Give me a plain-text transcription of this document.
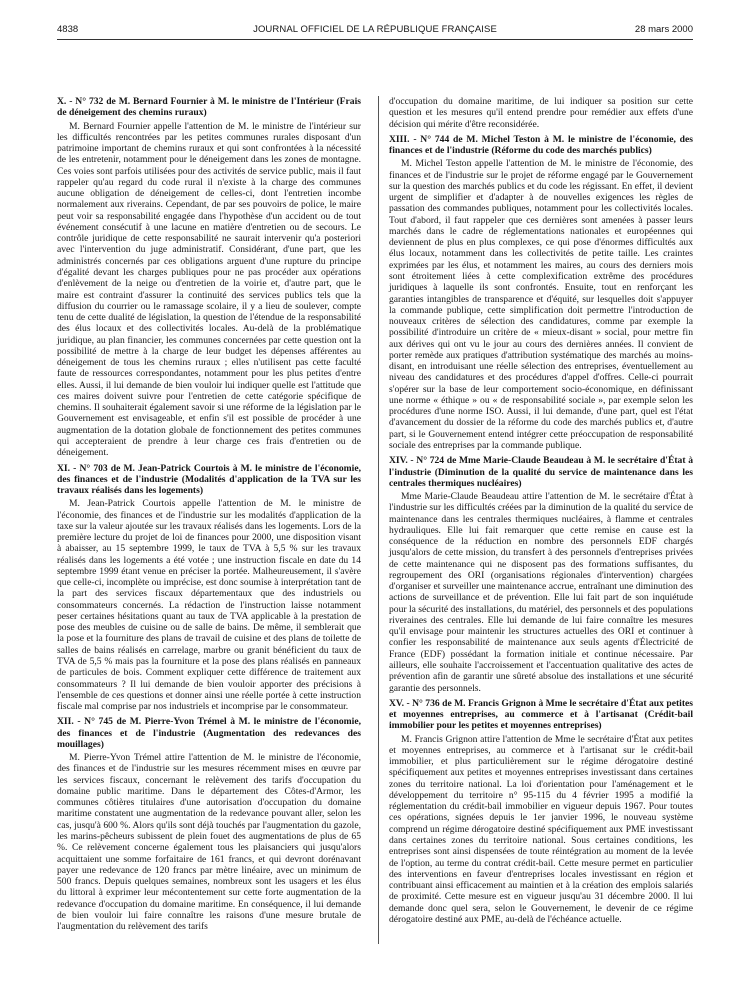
4838	JOURNAL OFFICIEL DE LA RÉPUBLIQUE FRANÇAISE	28 mars 2000

X. - N° 732 de M. Bernard Fournier à M. le ministre de l'Intérieur (Frais de déneigement des chemins ruraux)

M. Bernard Fournier appelle l'attention de M. le ministre de l'intérieur sur les difficultés rencontrées par les petites communes rurales disposant d'un patrimoine important de chemins ruraux et qui sont confrontées à la nécessité de les entretenir, notamment pour le déneigement dans les zones de montagne. Ces voies sont parfois utilisées pour des activités de service public, mais il faut rappeler qu'au regard du code rural il n'existe à la charge des communes aucune obligation de déneigement de celles-ci, dont l'entretien incombe normalement aux riverains. Cependant, de par ses pouvoirs de police, le maire peut voir sa responsabilité engagée dans l'hypothèse d'un accident ou de tout événement consécutif à une lacune en matière d'entretien ou de secours. Le contrôle juridique de cette responsabilité ne saurait intervenir qu'a posteriori avec l'intervention du juge administratif. Considérant, d'une part, que les administrés concernés par ces obligations arguent d'une rupture du principe d'égalité devant les charges publiques pour ne pas procéder aux opérations d'enlèvement de la neige ou d'entretien de la voirie et, d'autre part, que le maire est contraint d'assurer la continuité des services publics tels que la diffusion du courrier ou le ramassage scolaire, il y a lieu de soulever, compte tenu de cette dualité de législation, la question de l'étendue de la responsabilité des élus locaux et des collectivités locales. Au-delà de la problématique juridique, au plan financier, les communes concernées par cette question ont la possibilité de mettre à la charge de leur budget les dépenses afférentes au déneigement de tous les chemins ruraux ; elles n'utilisent pas cette faculté faute de ressources correspondantes, notamment pour les plus petites d'entre elles. Aussi, il lui demande de bien vouloir lui indiquer quelle est l'attitude que ces maires doivent suivre pour l'entretien de cette catégorie spécifique de chemins. Il souhaiterait également savoir si une réforme de la législation par le Gouvernement est envisageable, et enfin s'il est possible de procéder à une augmentation de la dotation globale de fonctionnement des petites communes qui accepteraient de prendre à leur charge ces frais d'entretien ou de déneigement.

XI. - N° 703 de M. Jean-Patrick Courtois à M. le ministre de l'économie, des finances et de l'industrie (Modalités d'application de la TVA sur les travaux réalisés dans les logements)

M. Jean-Patrick Courtois appelle l'attention de M. le ministre de l'économie, des finances et de l'industrie sur les modalités d'application de la taxe sur la valeur ajoutée sur les travaux réalisés dans les logements. Lors de la première lecture du projet de loi de finances pour 2000, une disposition visant à abaisser, au 15 septembre 1999, le taux de TVA à 5,5 % sur les travaux réalisés dans les logements a été votée ; une instruction fiscale en date du 14 septembre 1999 étant venue en préciser la portée. Malheureusement, il s'avère que celle-ci, incomplète ou imprécise, est donc soumise à interprétation tant de la part des services fiscaux départementaux que des industriels ou consommateurs concernés. La rédaction de l'instruction laisse notamment peser certaines hésitations quant au taux de TVA applicable à la prestation de pose des meubles de cuisine ou de salle de bains. De même, il semblerait que la pose et la fourniture des plans de travail de cuisine et des plans de toilette de salles de bains réalisés en carrelage, marbre ou granit bénéficient du taux de TVA de 5,5 % mais pas la fourniture et la pose des plans réalisés en panneaux de particules de bois. Comment expliquer cette différence de traitement aux consommateurs ? Il lui demande de bien vouloir apporter des précisions à l'ensemble de ces questions et donner ainsi une réelle portée à cette instruction fiscale mal comprise par nos industriels et incomprise par le consommateur.

XII. - N° 745 de M. Pierre-Yvon Trémel à M. le ministre de l'économie, des finances et de l'industrie (Augmentation des redevances des mouillages)

M. Pierre-Yvon Trémel attire l'attention de M. le ministre de l'économie, des finances et de l'industrie sur les mesures récemment mises en œuvre par les services fiscaux, concernant le relèvement des tarifs d'occupation du domaine public maritime. Dans le département des Côtes-d'Armor, les communes côtières titulaires d'une autorisation d'occupation du domaine maritime constatent une augmentation de la redevance pouvant aller, selon les cas, jusqu'à 600 %. Alors qu'ils sont déjà touchés par l'augmentation du gazole, les marins-pêcheurs subissent de plein fouet des augmentations de plus de 65 %. Ce relèvement concerne également tous les plaisanciers qui jusqu'alors acquittaient une somme forfaitaire de 161 francs, et qui devront dorénavant payer une redevance de 120 francs par mètre linéaire, avec un minimum de 500 francs. Depuis quelques semaines, nombreux sont les usagers et les élus du littoral à exprimer leur mécontentement sur cette forte augmentation de la redevance d'occupation du domaine maritime. En conséquence, il lui demande de bien vouloir lui faire connaître les raisons d'une mesure brutale de l'augmentation du relèvement des tarifs

d'occupation du domaine maritime, de lui indiquer sa position sur cette question et les mesures qu'il entend prendre pour remédier aux effets d'une décision qui mérite d'être reconsidérée.

XIII. - N° 744 de M. Michel Teston à M. le ministre de l'économie, des finances et de l'industrie (Réforme du code des marchés publics)

M. Michel Teston appelle l'attention de M. le ministre de l'économie, des finances et de l'industrie sur le projet de réforme engagé par le Gouvernement sur la question des marchés publics et du code les régissant. En effet, il devient urgent de simplifier et d'adapter à de nouvelles exigences les règles de passation des commandes publiques, notamment pour les collectivités locales. Tout d'abord, il faut rappeler que ces dernières sont amenées à passer leurs marchés dans le cadre de réglementations nationales et européennes qui deviennent de plus en plus complexes, ce qui pose d'énormes difficultés aux élus locaux, notamment dans les collectivités de petite taille. Les craintes exprimées par les élus, et notamment les maires, au cours des derniers mois sont étroitement liées à cette complexification extrême des procédures juridiques à laquelle ils sont confrontés. Ensuite, tout en renforçant les garanties intangibles de transparence et d'équité, sur lesquelles doit s'appuyer la commande publique, cette simplification doit permettre l'introduction de nouveaux critères de sélection des candidatures, comme par exemple la possibilité d'introduire un critère de « mieux-disant » social, pour mettre fin aux dérives qui ont vu le jour au cours des dernières années. Il convient de porter remède aux pratiques d'attribution systématique des marchés au moins-disant, en introduisant une réelle sélection des entreprises, éventuellement au niveau des candidatures et des procédures d'appel d'offres. Celle-ci pourrait s'opérer sur la base de leur comportement socio-économique, en définissant une norme « éthique » ou « de responsabilité sociale », par exemple selon les procédures d'une norme ISO. Aussi, il lui demande, d'une part, quel est l'état d'avancement du dossier de la réforme du code des marchés publics et, d'autre part, si le Gouvernement entend intégrer cette préoccupation de responsabilité sociale des entreprises par la commande publique.

XIV. - N° 724 de Mme Marie-Claude Beaudeau à M. le secrétaire d'État à l'industrie (Diminution de la qualité du service de maintenance dans les centrales thermiques nucléaires)

Mme Marie-Claude Beaudeau attire l'attention de M. le secrétaire d'État à l'industrie sur les difficultés créées par la diminution de la qualité du service de maintenance dans les centrales thermiques nucléaires, à flamme et centrales hydrauliques. Elle lui fait remarquer que cette remise en cause est la conséquence de la réduction en nombre des personnels EDF chargés jusqu'alors de cette mission, du transfert à des personnels d'entreprises privées de cette maintenance qui ne disposent pas des formations suffisantes, du regroupement des ORI (organisations régionales d'intervention) chargées d'organiser et surveiller une maintenance accrue, entraînant une diminution des actions de surveillance et de prévention. Elle lui fait part de son inquiétude pour la sécurité des installations, du matériel, des personnels et des populations riveraines des centrales. Elle lui demande de lui faire connaître les mesures qu'il envisage pour maintenir les structures actuelles des ORI et continuer à confier les responsabilité de maintenance aux seuls agents d'Électricité de France (EDF) possédant la formation initiale et continue nécessaire. Par ailleurs, elle souhaite l'accroissement et l'accentuation qualitative des actes de prévention afin de garantir une sûreté absolue des installations et une sécurité garantie des personnels.

XV. - N° 736 de M. Francis Grignon à Mme le secrétaire d'État aux petites et moyennes entreprises, au commerce et à l'artisanat (Crédit-bail immobilier pour les petites et moyennes entreprises)

M. Francis Grignon attire l'attention de Mme le secrétaire d'État aux petites et moyennes entreprises, au commerce et à l'artisanat sur le crédit-bail immobilier, et plus particulièrement sur le régime dérogatoire destiné spécifiquement aux petites et moyennes entreprises investissant dans certaines zones du territoire national. La loi d'orientation pour l'aménagement et le développement du territoire n° 95-115 du 4 février 1995 a modifié la réglementation du crédit-bail immobilier en vigueur depuis 1967. Pour toutes ces opérations, signées depuis le 1er janvier 1996, le nouveau système comprend un régime dérogatoire destiné spécifiquement aux PME investissant dans certaines zones du territoire national. Sous certaines conditions, les entreprises sont ainsi dispensées de toute réintégration au moment de la levée de l'option, au terme du contrat crédit-bail. Cette mesure permet en particulier des interventions en faveur d'entreprises locales investissant en région et contribuant ainsi efficacement au maintien et à la création des emplois salariés de proximité. Cette mesure est en vigueur jusqu'au 31 décembre 2000. Il lui demande donc quel sera, selon le Gouvernement, le devenir de ce régime dérogatoire destiné aux PME, au-delà de l'échéance actuelle.
